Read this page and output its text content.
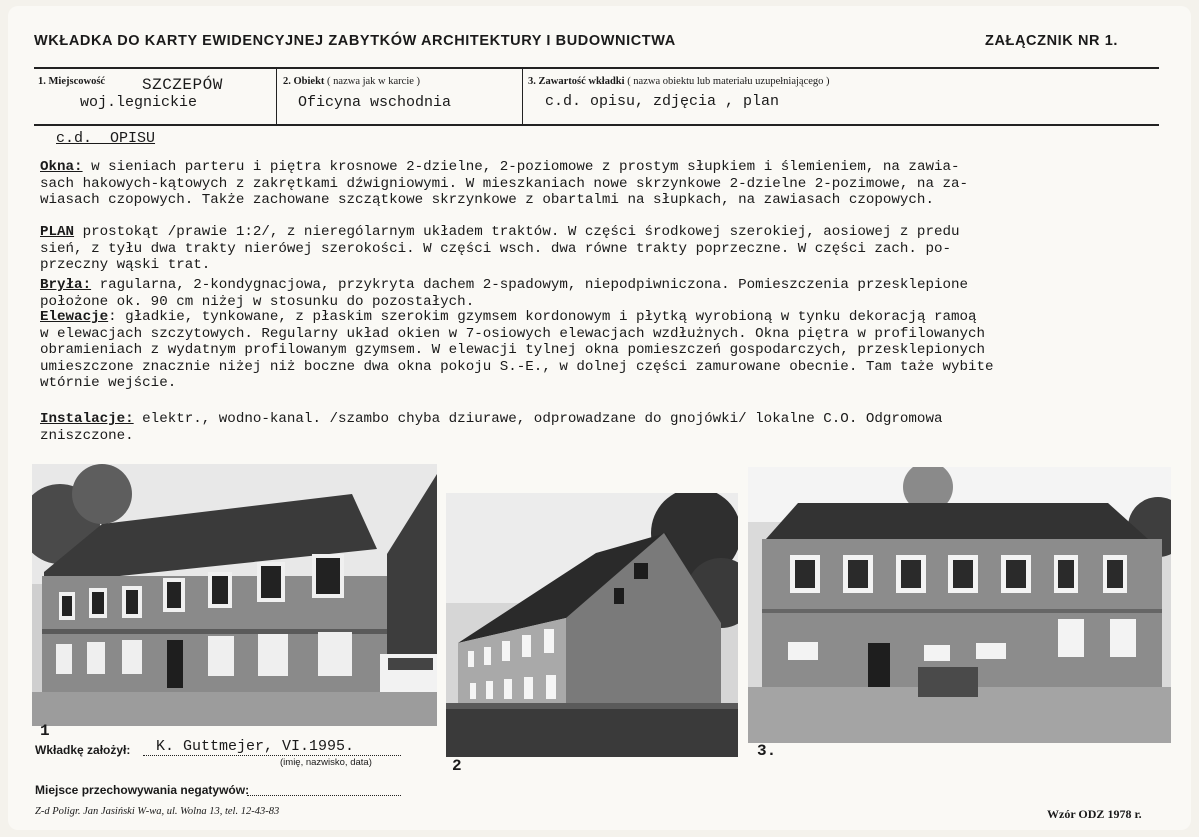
WKŁADKA DO KARTY EWIDENCYJNEJ ZABYTKÓW ARCHITEKTURY I BUDOWNICTWA	ZAŁĄCZNIK NR 1.
1. Miejscowość SZCZEPÓW
woj.legnickie
2. Obiekt ( nazwa jak w karcie )
Oficyna wschodnia
3. Zawartość wkładki ( nazwa obiektu lub materiału uzupełniającego )
c.d. opisu, zdjęcia , plan
c.d.  OPISU
Okna: w sieniach parteru i piętra krosnowe 2-dzielne, 2-poziomowe z prostym słupkiem i ślemieniem, na zawia-
sach hakowych-kątowych z zakrętkami dźwigniowymi. W mieszkaniach nowe skrzynkowe 2-dzielne 2-pozimowe, na za-
wiasach czopowych. Także zachowane szczątkowe skrzynkowe z obartalmi na słupkach, na zawiasach czopowych.
PLAN prostokąt /prawie 1:2/, z nierególarnym układem traktów. W części środkowej szerokiej, aosiowej z predu
sień, z tyłu dwa trakty nierówej szerokości. W części wsch. dwa równe trakty poprzeczne. W części zach. po-
przeczny wąski trat.
Bryła: ragularna, 2-kondygnacjowa, przykryta dachem 2-spadowym, niepodpiwniczona. Pomieszczenia przesklepione
położone ok. 90 cm niżej w stosunku do pozostałych.
Elewacje: gładkie, tynkowane, z płaskim szerokim gzymsem kordonowym i płytką wyrobioną w tynku dekoracją ramoą
w elewacjach szczytowych. Regularny układ okien w 7-osiowych elewacjach wzdłużnych. Okna piętra w profilowanych
obramieniach z wydatnym profilowanym gzymsem. W elewacji tylnej okna pomieszczeń gospodarczych, przesklepionych
umieszczone znacznie niżej niż boczne dwa okna pokoju S.-E., w dolnej części zamurowane obecnie. Tam taże wybite
wtórnie wejście.
Instalacje: elektr., wodno-kanal. /szambo chyba dziurawe, odprowadzane do gnojówki/ lokalne C.O. Odgromowa
zniszczone.
1
2
3.
Wkładkę założył: K. Guttmejer, VI.1995.
(imię, nazwisko, data)
Miejsce przechowywania negatywów:
Z-d Poligr. Jan Jasiński W-wa, ul. Wolna 13, tel. 12-43-83	Wzór ODZ 1978 r.
